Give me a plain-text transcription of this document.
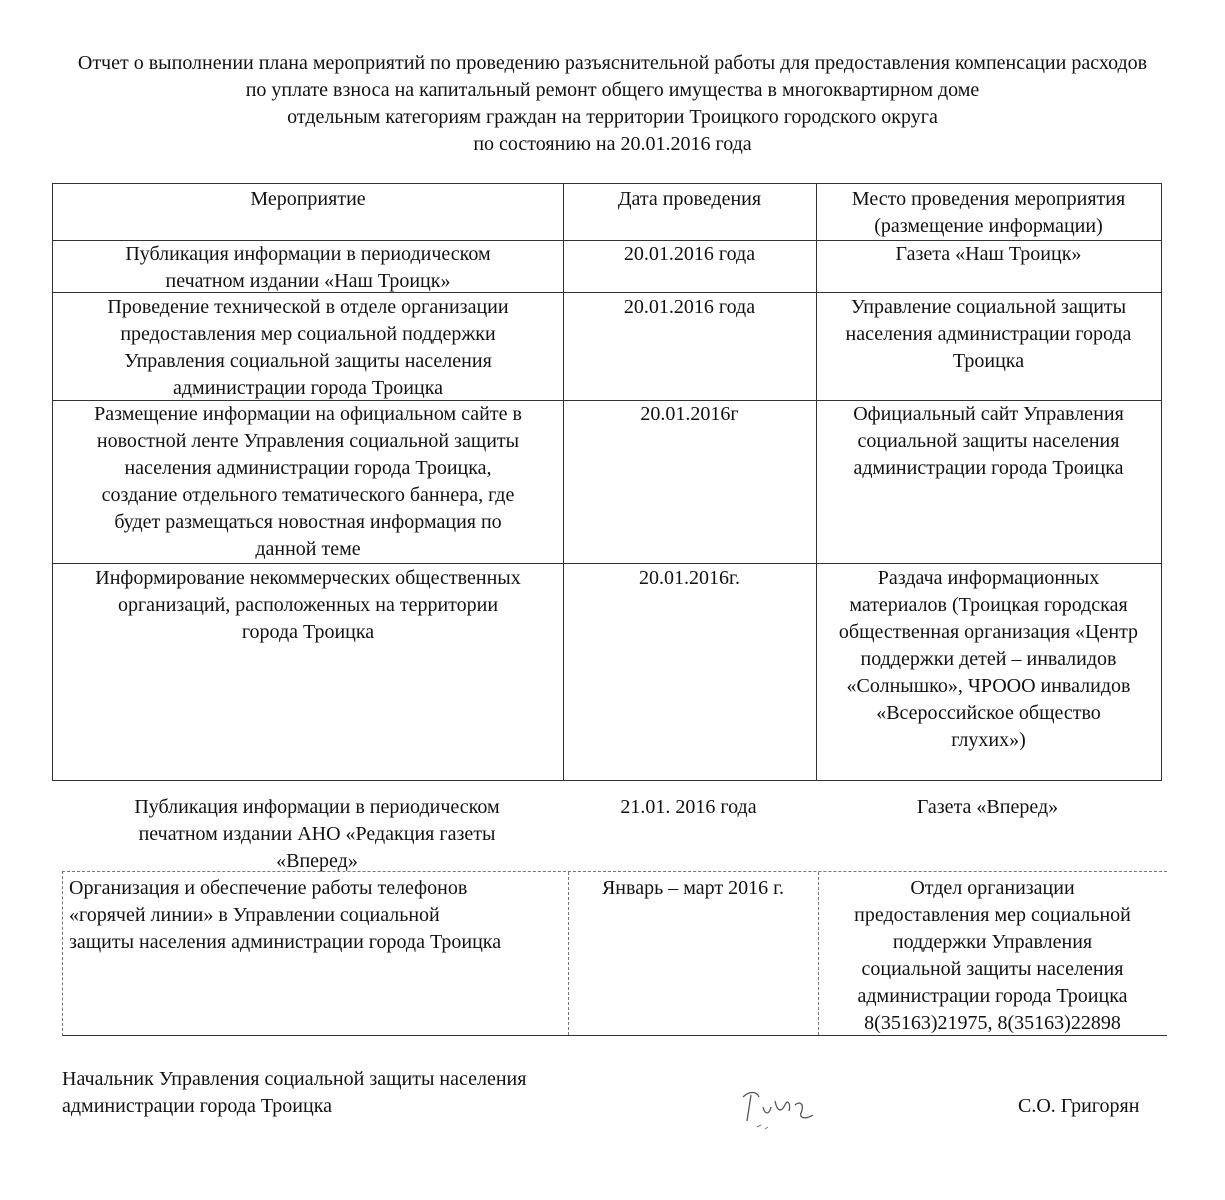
Отчет о выполнении плана мероприятий по проведению разъяснительной работы для предоставления компенсации расходов
по уплате взноса на капитальный ремонт общего имущества в многоквартирном доме
отдельным категориям граждан на территории Троицкого городского округа
по состоянию на 20.01.2016 года
Мероприятие	Дата проведения	Место проведения мероприятия
(размещение информации)
Публикация информации в периодическом
печатном издании «Наш Троицк»
20.01.2016 года	Газета «Наш Троицк»
Проведение технической в отделе организации
предоставления мер социальной поддержки
Управления социальной защиты населения
администрации города Троицка
20.01.2016 года	Управление социальной защиты
населения администрации города
Троицка
Размещение информации на официальном сайте в
новостной ленте Управления социальной защиты
населения администрации города Троицка,
создание отдельного тематического баннера, где
будет размещаться новостная информация по
данной теме
20.01.2016г	Официальный сайт Управления
социальной защиты населения
администрации города Троицка
Информирование некоммерческих общественных
организаций, расположенных на территории
города Троицка
20.01.2016г.	Раздача информационных
материалов (Троицкая городская
общественная организация «Центр
поддержки детей – инвалидов
«Солнышко», ЧРООО инвалидов
«Всероссийское общество
глухих»)
Публикация информации в периодическом
печатном издании АНО «Редакция газеты
«Вперед»
21.01. 2016 года	Газета «Вперед»
Организация и обеспечение работы телефонов
«горячей линии» в Управлении социальной
защиты населения администрации города Троицка
Январь – март 2016 г.	Отдел организации
предоставления мер социальной
поддержки Управления
социальной защиты населения
администрации города Троицка
8(35163)21975, 8(35163)22898
Начальник Управления социальной защиты населения
администрации города Троицка	С.О. Григорян
